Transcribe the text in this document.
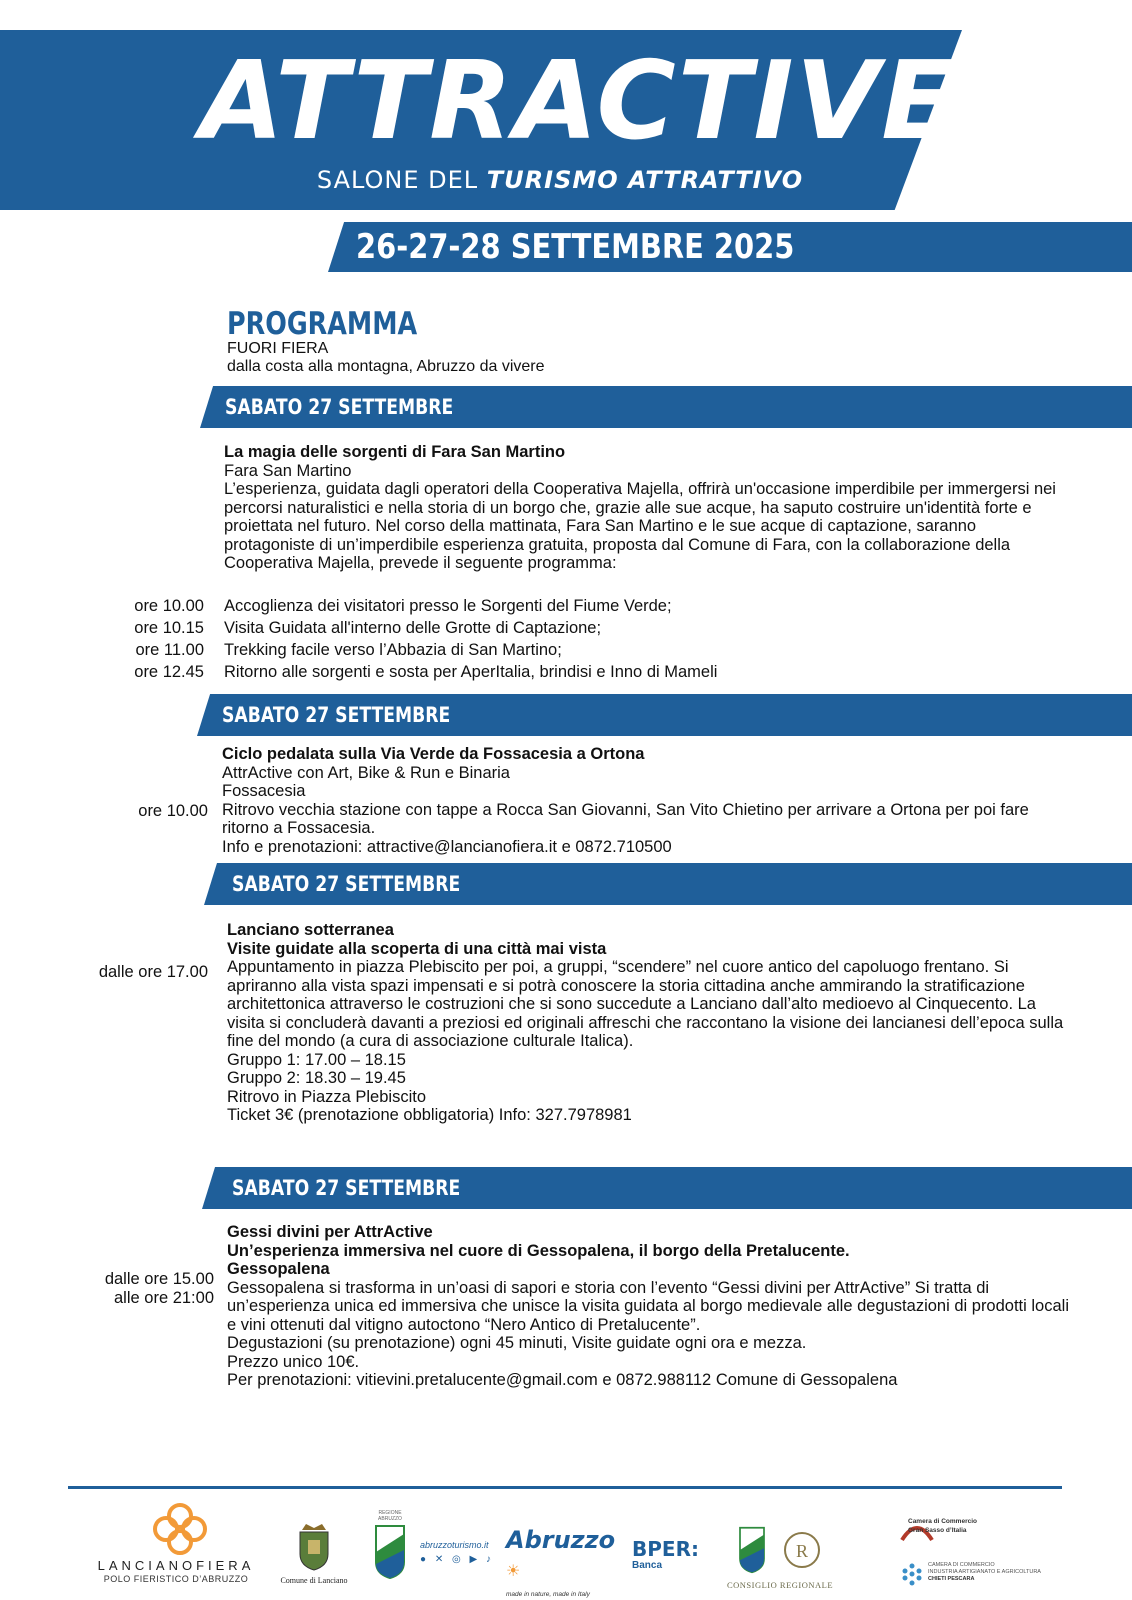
ATTRACTIVE
SALONE DEL TURISMO ATTRATTIVO
26-27-28 SETTEMBRE 2025
PROGRAMMA
FUORI FIERA
dalla costa alla montagna, Abruzzo da vivere
SABATO 27 SETTEMBRE

La magia delle sorgenti di Fara San Martino

Fara San Martino

L’esperienza, guidata dagli operatori della Cooperativa Majella, offrirà un'occasione imperdibile per immergersi nei percorsi naturalistici e nella storia di un borgo che, grazie alle sue acque, ha saputo costruire un'identità forte e proiettata nel futuro. Nel corso della mattinata, Fara San Martino e le sue acque di captazione, saranno protagoniste di un’imperdibile esperienza gratuita, proposta dal Comune di Fara, con la collaborazione della Cooperativa Majella, prevede il seguente programma:

ore 10.00
ore 10.15
ore 11.00
ore 12.45
Accoglienza dei visitatori presso le Sorgenti del Fiume Verde;
Visita Guidata all'interno delle Grotte di Captazione;
Trekking facile verso l’Abbazia di San Martino;
Ritorno alle sorgenti e sosta per AperItalia, brindisi e Inno di Mameli
SABATO 27 SETTEMBRE

Ciclo pedalata sulla Via Verde da Fossacesia a Ortona

AttrActive con Art, Bike & Run e Binaria

Fossacesia

Ritrovo vecchia stazione con tappe a Rocca San Giovanni, San Vito Chietino per arrivare a Ortona per poi fare ritorno a Fossacesia.

Info e prenotazioni: attractive@lancianofiera.it e 0872.710500

ore 10.00
SABATO 27 SETTEMBRE

Lanciano sotterranea

Visite guidate alla scoperta di una città mai vista

Appuntamento in piazza Plebiscito per poi, a gruppi, “scendere” nel cuore antico del capoluogo frentano. Si apriranno alla vista spazi impensati e si potrà conoscere la storia cittadina anche ammirando la stratificazione architettonica attraverso le costruzioni che si sono succedute a Lanciano dall’alto medioevo al Cinquecento. La visita si concluderà davanti a preziosi ed originali affreschi che raccontano la visione dei lancianesi dell’epoca sulla fine del mondo (a cura di associazione culturale Italica).

Gruppo 1: 17.00 – 18.15

Gruppo 2: 18.30 – 19.45

Ritrovo in Piazza Plebiscito

Ticket 3€ (prenotazione obbligatoria) Info: 327.7978981

dalle ore 17.00
SABATO 27 SETTEMBRE

Gessi divini per AttrActive

Un’esperienza immersiva nel cuore di Gessopalena, il borgo della Pretalucente.

Gessopalena

Gessopalena si trasforma in un’oasi di sapori e storia con l’evento “Gessi divini per AttrActive” Si tratta di un’esperienza unica ed immersiva che unisce la visita guidata al borgo medievale alle degustazioni di prodotti locali e vini ottenuti dal vitigno autoctono “Nero Antico di Pretalucente”.

Degustazioni (su prenotazione) ogni 45 minuti, Visite guidate ogni ora e mezza.

Prezzo unico 10€.

Per prenotazioni: vitievini.pretalucente@gmail.com e 0872.988112 Comune di Gessopalena

dalle ore 15.00
alle ore 21:00
LANCIANOFIERA
POLO FIERISTICO D’ABRUZZO	Comune di Lanciano
REGIONE ABRUZZO
abruzzoturismo.it
● ✕ ◎ ▶ ♪
Abruzzo☀
made in nature, made in Italy
BPER:
Banca
R
CONSIGLIO REGIONALE
Camera di Commercio
Gran Sasso d’Italia
CAMERA DI COMMERCIO
INDUSTRIA ARTIGIANATO E AGRICOLTURA
CHIETI PESCARA
